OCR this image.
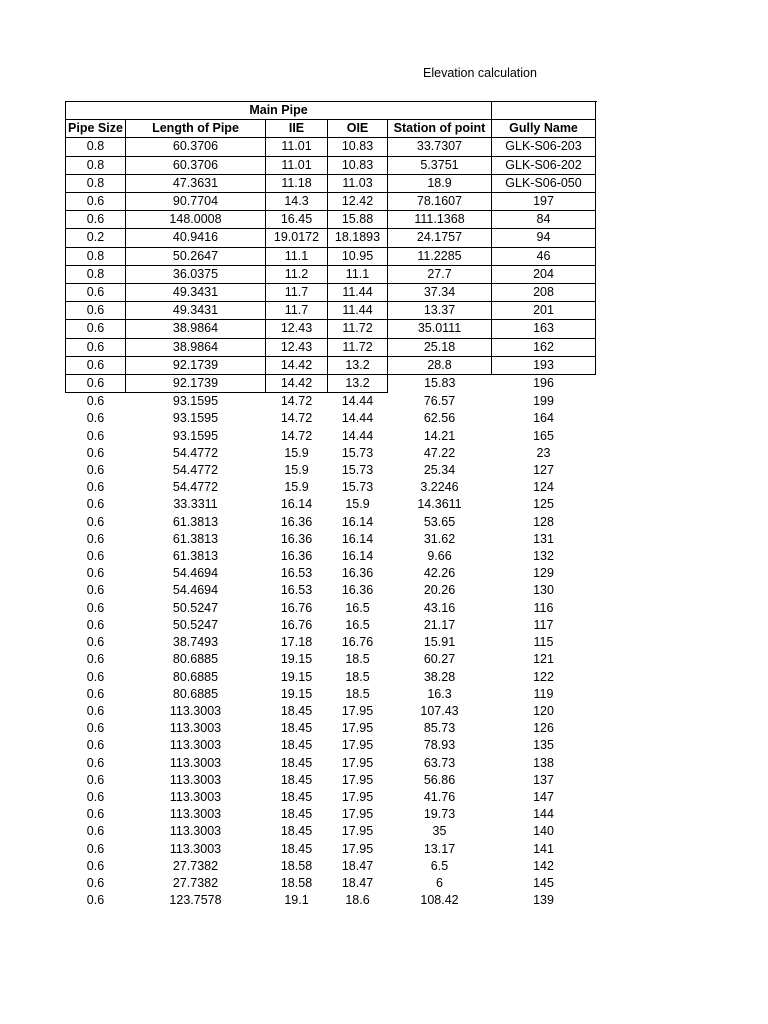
Elevation calculation
Main Pipe					
Pipe Size	Length of Pipe	IIE	OIE	Station of point	Gully Name
0.8	60.3706	11.01	10.83	33.7307	GLK-S06-203
0.8	60.3706	11.01	10.83	5.3751	GLK-S06-202
0.8	47.3631	11.18	11.03	18.9	GLK-S06-050
0.6	90.7704	14.3	12.42	78.1607	197
0.6	148.0008	16.45	15.88	111.1368	84
0.2	40.9416	19.0172	18.1893	24.1757	94
0.8	50.2647	11.1	10.95	11.2285	46
0.8	36.0375	11.2	11.1	27.7	204
0.6	49.3431	11.7	11.44	37.34	208
0.6	49.3431	11.7	11.44	13.37	201
0.6	38.9864	12.43	11.72	35.0111	163
0.6	38.9864	12.43	11.72	25.18	162
0.6	92.1739	14.42	13.2	28.8	193
0.6	92.1739	14.42	13.2	15.83	196
0.6	93.1595	14.72	14.44	76.57	199
0.6	93.1595	14.72	14.44	62.56	164
0.6	93.1595	14.72	14.44	14.21	165
0.6	54.4772	15.9	15.73	47.22	23
0.6	54.4772	15.9	15.73	25.34	127
0.6	54.4772	15.9	15.73	3.2246	124
0.6	33.3311	16.14	15.9	14.3611	125
0.6	61.3813	16.36	16.14	53.65	128
0.6	61.3813	16.36	16.14	31.62	131
0.6	61.3813	16.36	16.14	9.66	132
0.6	54.4694	16.53	16.36	42.26	129
0.6	54.4694	16.53	16.36	20.26	130
0.6	50.5247	16.76	16.5	43.16	116
0.6	50.5247	16.76	16.5	21.17	117
0.6	38.7493	17.18	16.76	15.91	115
0.6	80.6885	19.15	18.5	60.27	121
0.6	80.6885	19.15	18.5	38.28	122
0.6	80.6885	19.15	18.5	16.3	119
0.6	113.3003	18.45	17.95	107.43	120
0.6	113.3003	18.45	17.95	85.73	126
0.6	113.3003	18.45	17.95	78.93	135
0.6	113.3003	18.45	17.95	63.73	138
0.6	113.3003	18.45	17.95	56.86	137
0.6	113.3003	18.45	17.95	41.76	147
0.6	113.3003	18.45	17.95	19.73	144
0.6	113.3003	18.45	17.95	35	140
0.6	113.3003	18.45	17.95	13.17	141
0.6	27.7382	18.58	18.47	6.5	142
0.6	27.7382	18.58	18.47	6	145
0.6	123.7578	19.1	18.6	108.42	139
